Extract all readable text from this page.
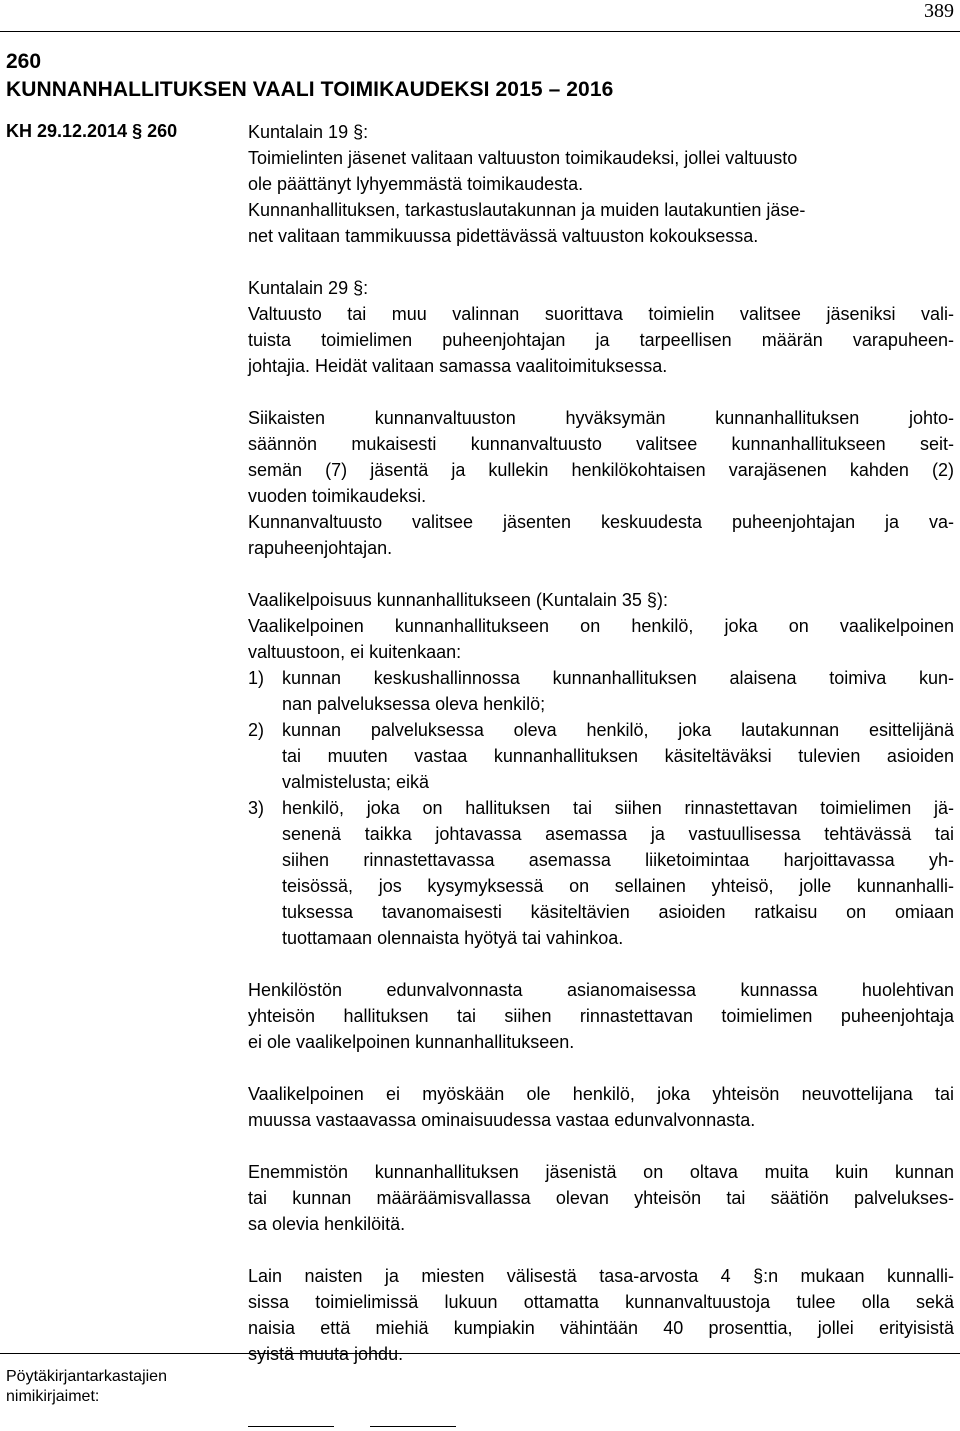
389
260
KUNNANHALLITUKSEN VAALI TOIMIKAUDEKSI 2015 – 2016
KH 29.12.2014 § 260	Kuntalain 19 §:
Toimielinten jäsenet valitaan valtuuston toimikaudeksi, jollei valtuusto
ole päättänyt lyhyemmästä toimikaudesta.
Kunnanhallituksen, tarkastuslautakunnan ja muiden lautakuntien jäse-
net valitaan tammikuussa pidettävässä valtuuston kokouksessa.
Kuntalain 29 §:
Valtuusto tai muu valinnan suorittava toimielin valitsee jäseniksi vali-
tuista toimielimen puheenjohtajan ja tarpeellisen määrän varapuheen-
johtajia. Heidät valitaan samassa vaalitoimituksessa.
Siikaisten kunnanvaltuuston hyväksymän kunnanhallituksen johto-
säännön mukaisesti kunnanvaltuusto valitsee kunnanhallitukseen seit-
semän (7) jäsentä ja kullekin henkilökohtaisen varajäsenen kahden (2)
vuoden toimikaudeksi.
Kunnanvaltuusto valitsee jäsenten keskuudesta puheenjohtajan ja va-
rapuheenjohtajan.
Vaalikelpoisuus kunnanhallitukseen (Kuntalain 35 §):
Vaalikelpoinen kunnanhallitukseen on henkilö, joka on vaalikelpoinen
valtuustoon, ei kuitenkaan:
1) kunnan keskushallinnossa kunnanhallituksen alaisena toimiva kun-
nan palveluksessa oleva henkilö;
2) kunnan palveluksessa oleva henkilö, joka lautakunnan esittelijänä
tai muuten vastaa kunnanhallituksen käsiteltäväksi tulevien asioiden
valmistelusta; eikä
3) henkilö, joka on hallituksen tai siihen rinnastettavan toimielimen jä-
senenä taikka johtavassa asemassa ja vastuullisessa tehtävässä tai
siihen rinnastettavassa asemassa liiketoimintaa harjoittavassa yh-
teisössä, jos kysymyksessä on sellainen yhteisö, jolle kunnanhalli-
tuksessa tavanomaisesti käsiteltävien asioiden ratkaisu on omiaan
tuottamaan olennaista hyötyä tai vahinkoa.
Henkilöstön edunvalvonnasta asianomaisessa kunnassa huolehtivan
yhteisön hallituksen tai siihen rinnastettavan toimielimen puheenjohtaja
ei ole vaalikelpoinen kunnanhallitukseen.
Vaalikelpoinen ei myöskään ole henkilö, joka yhteisön neuvottelijana tai
muussa vastaavassa ominaisuudessa vastaa edunvalvonnasta.
Enemmistön kunnanhallituksen jäsenistä on oltava muita kuin kunnan
tai kunnan määräämisvallassa olevan yhteisön tai säätiön palvelukses-
sa olevia henkilöitä.
Lain naisten ja miesten välisestä tasa-arvosta 4 §:n mukaan kunnalli-
sissa toimielimissä lukuun ottamatta kunnanvaltuustoja tulee olla sekä
naisia että miehiä kumpiakin vähintään 40 prosenttia, jollei erityisistä
syistä muuta johdu.
Pöytäkirjantarkastajien
nimikirjaimet:
